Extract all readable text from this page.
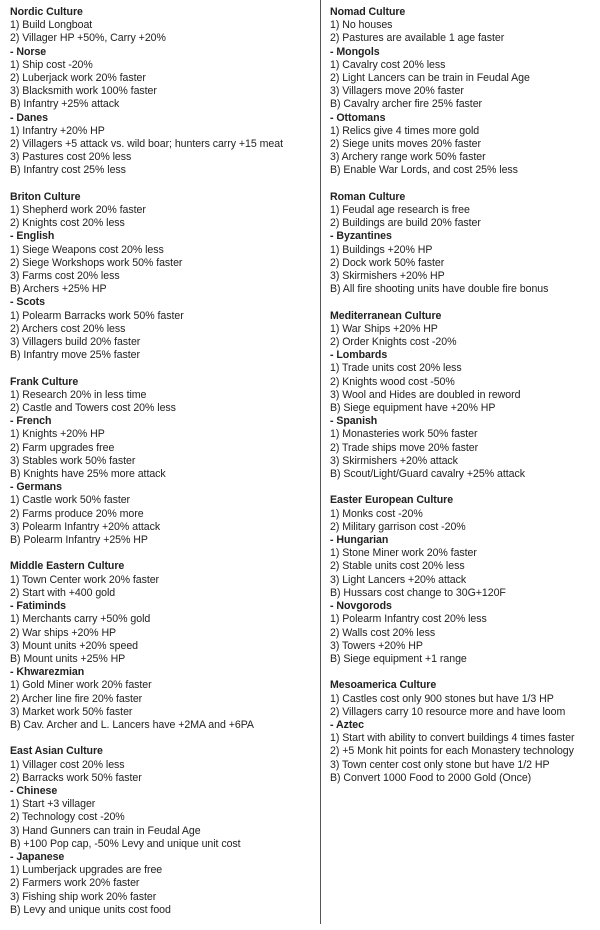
Nordic Culture
1) Build Longboat
2) Villager HP +50%, Carry +20%
- Norse
1) Ship cost -20%
2) Luberjack work 20% faster
3) Blacksmith work 100% faster
B) Infantry +25% attack
- Danes
1) Infantry +20% HP
2) Villagers +5 attack vs. wild boar; hunters carry +15 meat
3) Pastures cost 20% less
B) Infantry cost 25% less
Briton Culture
1) Shepherd work 20% faster
2) Knights cost 20% less
- English
1) Siege Weapons cost 20% less
2) Siege Workshops work 50% faster
3) Farms cost 20% less
B) Archers +25% HP
- Scots
1) Polearm Barracks work 50% faster
2) Archers cost 20% less
3) Villagers build 20% faster
B) Infantry move 25% faster
Frank Culture
1) Research 20% in less time
2) Castle and Towers cost 20% less
- French
1) Knights +20% HP
2) Farm upgrades free
3) Stables work 50% faster
B) Knights have 25% more attack
- Germans
1) Castle work 50% faster
2) Farms produce 20% more
3) Polearm Infantry +20% attack
B) Polearm Infantry +25% HP
Middle Eastern Culture
1) Town Center work 20% faster
2) Start with +400 gold
- Fatiminds
1) Merchants carry +50% gold
2) War ships +20% HP
3) Mount units +20% speed
B) Mount units +25% HP
- Khwarezmian
1) Gold Miner work 20% faster
2) Archer line fire 20% faster
3) Market work 50% faster
B) Cav. Archer and L. Lancers have +2MA and +6PA
East Asian Culture
1) Villager cost 20% less
2) Barracks work 50% faster
- Chinese
1) Start +3 villager
2) Technology cost -20%
3) Hand Gunners can train in Feudal Age
B) +100 Pop cap, -50% Levy and unique unit cost
- Japanese
1) Lumberjack upgrades are free
2) Farmers work 20% faster
3) Fishing ship work 20% faster
B) Levy and unique units cost food
Nomad Culture
1) No houses
2) Pastures are available 1 age faster
- Mongols
1) Cavalry cost 20% less
2) Light Lancers can be train in Feudal Age
3) Villagers move 20% faster
B) Cavalry archer fire 25% faster
- Ottomans
1) Relics give 4 times more gold
2) Siege units moves 20% faster
3) Archery range work 50% faster
B) Enable War Lords, and cost 25% less
Roman Culture
1) Feudal age research is free
2) Buildings are build 20% faster
- Byzantines
1) Buildings +20% HP
2) Dock work 50% faster
3) Skirmishers +20% HP
B) All fire shooting units have double fire bonus
Mediterranean Culture
1) War Ships +20% HP
2) Order Knights cost -20%
- Lombards
1) Trade units cost 20% less
2) Knights wood cost -50%
3) Wool and Hides are doubled in reword
B) Siege equipment have +20% HP
- Spanish
1) Monasteries work 50% faster
2) Trade ships move 20% faster
3) Skirmishers +20% attack
B) Scout/Light/Guard cavalry +25% attack
Easter European Culture
1) Monks cost -20%
2) Military garrison cost -20%
- Hungarian
1) Stone Miner work 20% faster
2) Stable units cost 20% less
3) Light Lancers +20% attack
B) Hussars cost change to 30G+120F
- Novgorods
1) Polearm Infantry cost 20% less
2) Walls cost 20% less
3) Towers +20% HP
B) Siege equipment +1 range
Mesoamerica Culture
1) Castles cost only 900 stones but have 1/3 HP
2) Villagers carry 10 resource more and have loom
- Aztec
1) Start with ability to convert buildings 4 times faster
2) +5 Monk hit points for each Monastery technology
3) Town center cost only stone but have 1/2 HP
B) Convert 1000 Food to 2000 Gold (Once)
